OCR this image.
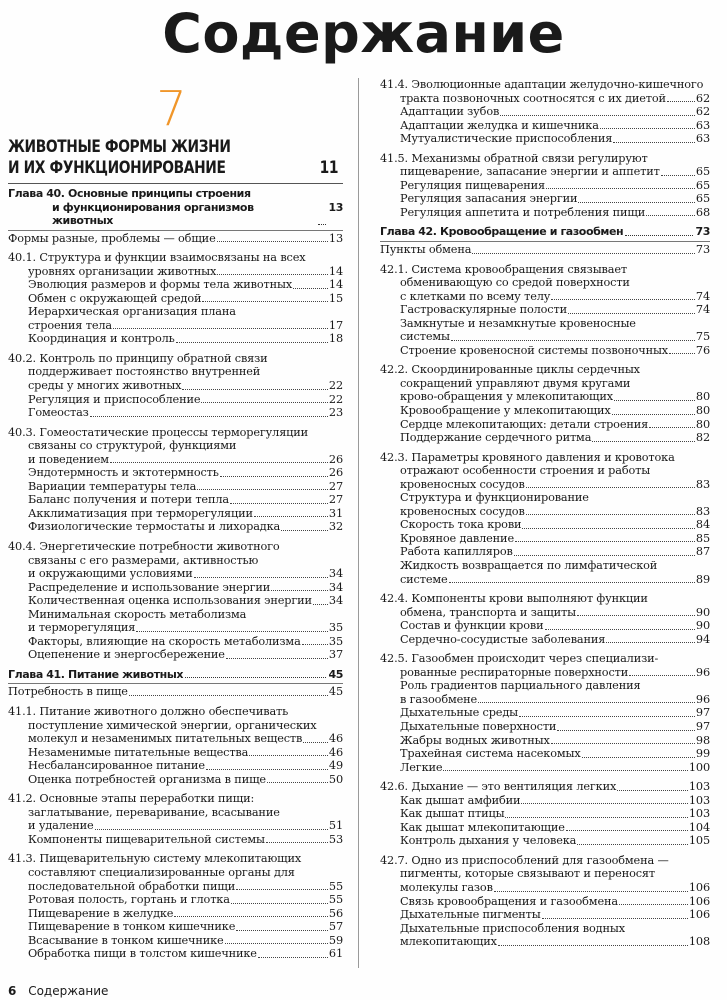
Содержание
7
ЖИВОТНЫЕ ФОРМЫ ЖИЗНИ
И ИХ ФУНКЦИОНИРОВАНИЕ	11
Глава 40. Основные принципы строения
и функционирования организмов животных
13
Формы разные, проблемы — общие	13
40.1. Структура и функции взаимосвязаны на всех
уровнях организации животных	14
Эволюция размеров и формы тела животных	14
Обмен с окружающей средой	15
Иерархическая организация плана
строения тела	17
Координация и контроль	18
40.2. Контроль по принципу обратной связи
поддерживает постоянство внутренней
среды у многих животных	22
Регуляция и приспособление	22
Гомеостаз	23
40.3. Гомеостатические процессы терморегуляции
связаны со структурой, функциями
и поведением	26
Эндотермность и эктотермность	26
Вариации температуры тела	27
Баланс получения и потери тепла	27
Акклиматизация при терморегуляции	31
Физиологические термостаты и лихорадка	32
40.4. Энергетические потребности животного
связаны с его размерами, активностью
и окружающими условиями	34
Распределение и использование энергии	34
Количественная оценка использования энергии 34
Минимальная скорость метаболизма
и терморегуляция	35
Факторы, влияющие на скорость метаболизма	35
Оцепенение и энергосбережение	37
Глава 41. Питание животных	45
Потребность в пище	45
41.1. Питание животного должно обеспечивать
поступление химической энергии, органических
молекул и незаменимых питательных веществ 46
Незаменимые питательные вещества	46
Несбалансированное питание	49
Оценка потребностей организма в пище	50
41.2. Основные этапы переработки пищи:
заглатывание, переваривание, всасывание
и удаление	51
Компоненты пищеварительной системы	53
41.3. Пищеварительную систему млекопитающих
составляют специализированные органы для
последовательной обработки пищи	55
Ротовая полость, гортань и глотка	55
Пищеварение в желудке	56
Пищеварение в тонком кишечнике	57
Всасывание в тонком кишечнике	59
Обработка пищи в толстом кишечнике	61
41.4. Эволюционные адаптации желудочно-кишечного
тракта позвоночных соотносятся с их диетой	62
Адаптации зубов	62
Адаптации желудка и кишечника	63
Мутуалистические приспособления	63
41.5. Механизмы обратной связи регулируют
пищеварение, запасание энергии и аппетит	65
Регуляция пищеварения	65
Регуляция запасания энергии	65
Регуляция аппетита и потребления пищи	68
Глава 42. Кровообращение и газообмен	73
Пункты обмена	73
42.1. Система кровообращения связывает
обменивающую со средой поверхности
с клетками по всему телу	74
Гастроваскулярные полости	74
Замкнутые и незамкнутые кровеносные
системы	75
Строение кровеносной системы позвоночных 76
42.2. Скоординированные циклы сердечных
сокращений управляют двумя кругами
крово-обращения у млекопитающих	80
Кровообращение у млекопитающих	80
Сердце млекопитающих: детали строения	80
Поддержание сердечного ритма	82
42.3. Параметры кровяного давления и кровотока
отражают особенности строения и работы
кровеносных сосудов	83
Структура и функционирование
кровеносных сосудов	83
Скорость тока крови	84
Кровяное давление	85
Работа капилляров	87
Жидкость возвращается по лимфатической
системе	89
42.4. Компоненты крови выполняют функции
обмена, транспорта и защиты	90
Состав и функции крови	90
Сердечно-сосудистые заболевания	94
42.5. Газообмен происходит через специализи-
рованные респираторные поверхности	96
Роль градиентов парциального давления
в газообмене	96
Дыхательные среды	97
Дыхательные поверхности	97
Жабры водных животных	98
Трахейная система насекомых	99
Легкие	100
42.6. Дыхание — это вентиляция легких	103
Как дышат амфибии	103
Как дышат птицы	103
Как дышат млекопитающие	104
Контроль дыхания у человека	105
42.7. Одно из приспособлений для газообмена —
пигменты, которые связывают и переносят
молекулы газов	106
Связь кровообращения и газообмена	106
Дыхательные пигменты	106
Дыхательные приспособления водных
млекопитающих	108
6 Содержание
